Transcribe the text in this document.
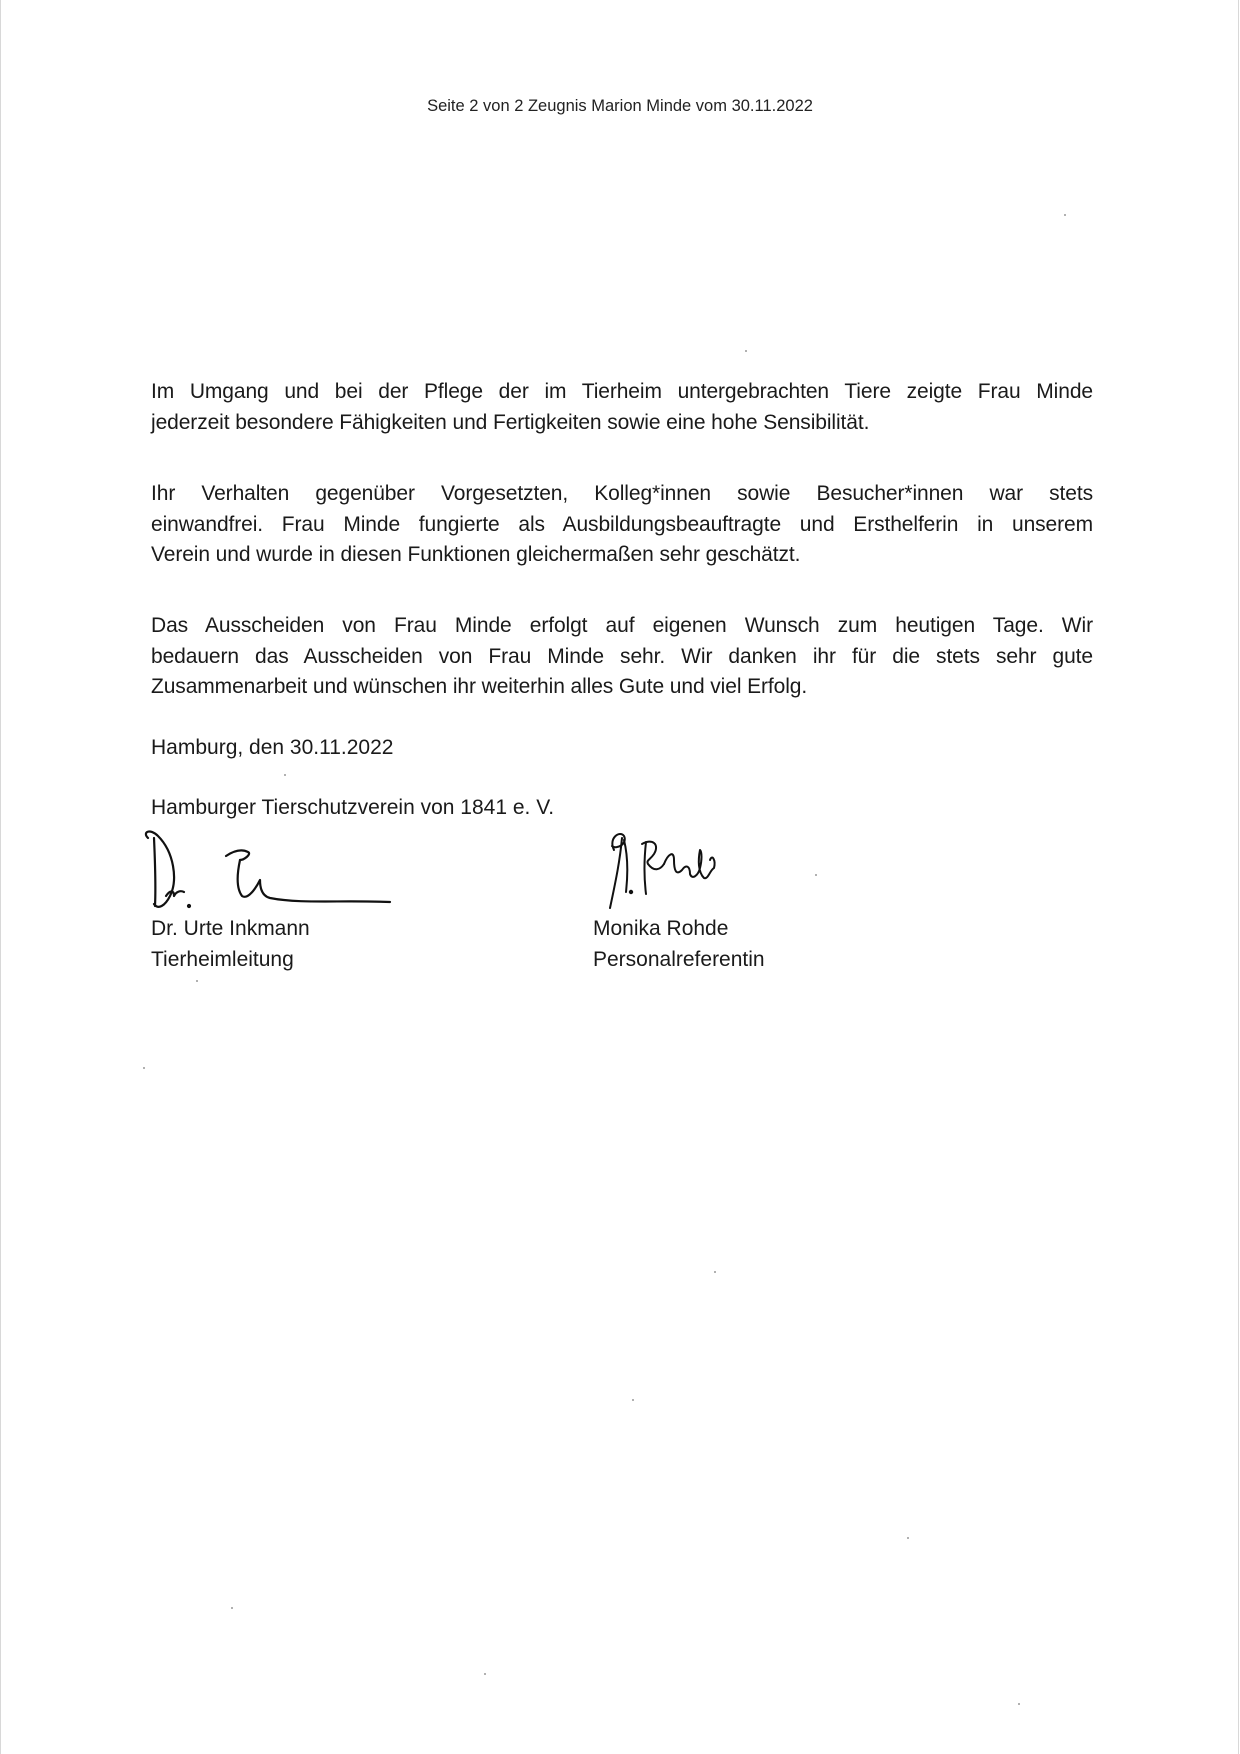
Seite 2 von 2 Zeugnis Marion Minde vom 30.11.2022
Im Umgang und bei der Pflege der im Tierheim untergebrachten Tiere zeigte Frau Minde
jederzeit besondere Fähigkeiten und Fertigkeiten sowie eine hohe Sensibilität.
Ihr Verhalten gegenüber Vorgesetzten, Kolleg*innen sowie Besucher*innen war stets
einwandfrei. Frau Minde fungierte als Ausbildungsbeauftragte und Ersthelferin in unserem
Verein und wurde in diesen Funktionen gleichermaßen sehr geschätzt.
Das Ausscheiden von Frau Minde erfolgt auf eigenen Wunsch zum heutigen Tage. Wir
bedauern das Ausscheiden von Frau Minde sehr. Wir danken ihr für die stets sehr gute
Zusammenarbeit und wünschen ihr weiterhin alles Gute und viel Erfolg.
Hamburg, den 30.11.2022
Hamburger Tierschutzverein von 1841 e. V.
Dr. Urte Inkmann
Tierheimleitung
Monika Rohde
Personalreferentin
